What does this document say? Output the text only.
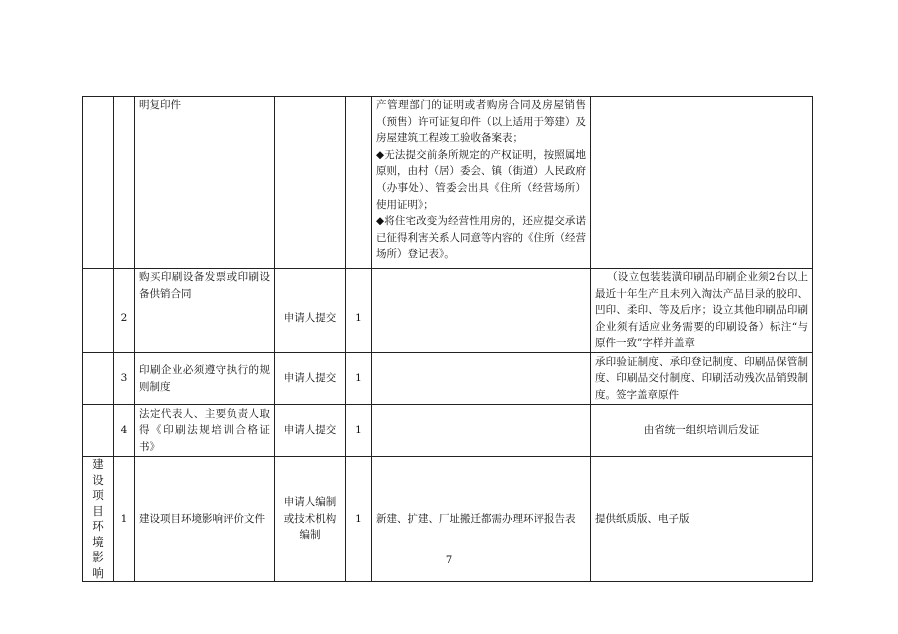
		明复印件			产管理部门的证明或者购房合同及房屋销售（预售）许可证复印件（以上适用于筹建）及房屋建筑工程竣工验收备案表；
◆无法提交前条所规定的产权证明，按照属地原则，由村（居）委会、镇（街道）人民政府（办事处）、管委会出具《住所（经营场所）使用证明》；
◆将住宅改变为经营性用房的，还应提交承诺已征得利害关系人同意等内容的《住所（经营场所）登记表》。	

	2	购买印刷设备发票或印刷设备供销合同	申请人提交	1		（设立包装装潢印刷品印刷企业须2台以上最近十年生产且未列入淘汰产品目录的胶印、凹印、柔印、等及后序；设立其他印刷品印刷企业须有适应业务需要的印刷设备）标注“与原件一致”字样并盖章
	3	印刷企业必须遵守执行的规则制度	申请人提交	1		承印验证制度、承印登记制度、印刷品保管制度、印刷品交付制度、印刷活动残次品销毁制度。签字盖章原件
	4	法定代表人、主要负责人取得《印刷法规培训合格证书》	申请人提交	1		由省统一组织培训后发证
建设项目环境影响	1	建设项目环境影响评价文件	申请人编制或技术机构编制	1	新建、扩建、厂址搬迁都需办理环评报告表	提供纸质版、电子版
7
